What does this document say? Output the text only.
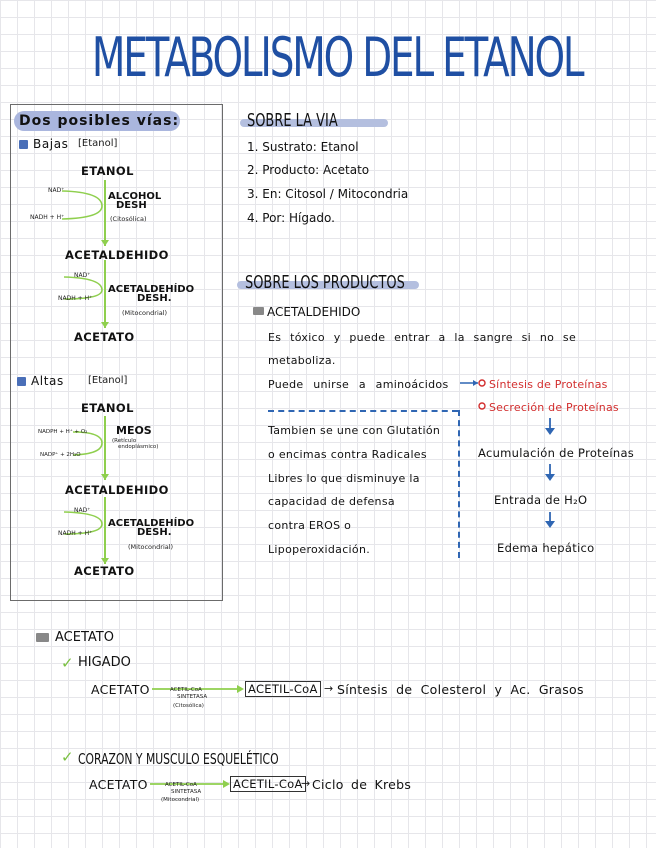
METABOLISMO DEL ETANOL
Dos posibles vías:
Bajas [Etanol]
ETANOL
NAD⁺
NADH + H⁺
ALCOHOL
DESH
(Citosólica)
ACETALDEHIDO
NAD⁺
NADH + H⁺
ACETALDEHÍDO
DESH.
(Mitocondrial)
ACETATO
Altas [Etanol]
ETANOL
NADPH + H⁺ + O₂
NADP⁺ + 2H₂O
MEOS
(Retículo
endoplásmico)
ACETALDEHIDO
NAD⁺
NADH + H⁺
ACETALDEHÍDO
DESH.
(Mitocondrial)
ACETATO
SOBRE LA VIA
1. Sustrato: Etanol
2. Producto: Acetato
3. En: Citosol / Mitocondria
4. Por: Hígado.
SOBRE LOS PRODUCTOS
ACETALDEHIDO
Es tóxico y puede entrar a la sangre si no se
metaboliza.
Puede unirse a aminoácidos	Síntesis de Proteínas
Secreción de Proteínas
Tambien se une con Glutatión
o encimas contra Radicales
Libres lo que disminuye la
capacidad de defensa
contra EROS o
Lipoperoxidación.
Acumulación de Proteínas
Entrada de H₂O
Edema hepático
ACETATO
✓ HIGADO
ACETATO	ACETIL-CoA
SINTETASA
(Citosólica)
ACETIL-CoA → Síntesis de Colesterol y Ac. Grasos
✓ CORAZON Y MUSCULO ESQUELÉTICO
ACETATO	ACETIL-CoA
SINTETASA
(Mitocondrial)
ACETIL-CoA
→ Ciclo de Krebs
